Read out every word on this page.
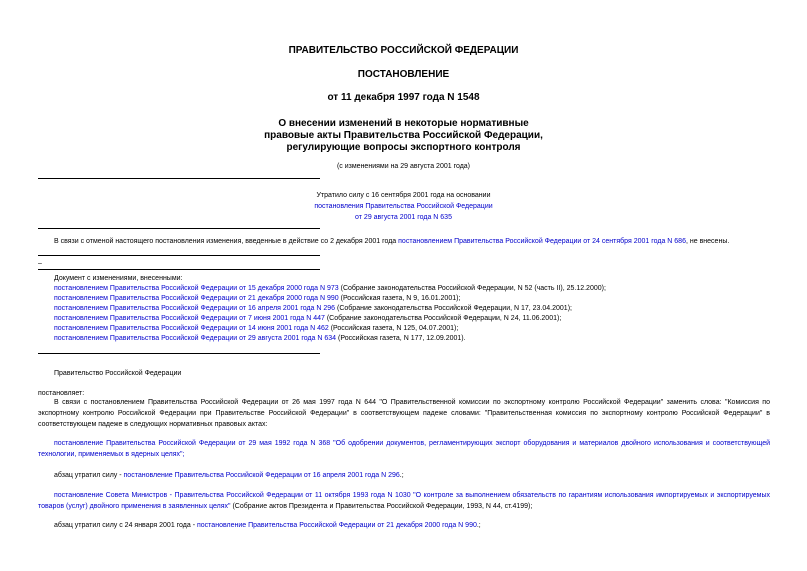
ПРАВИТЕЛЬСТВО РОССИЙСКОЙ ФЕДЕРАЦИИ
ПОСТАНОВЛЕНИЕ
от 11 декабря 1997 года N 1548
О внесении изменений в некоторые нормативные
правовые акты Правительства Российской Федерации,
регулирующие вопросы экспортного контроля
(с изменениями на 29 августа 2001 года)
Утратило силу с 16 сентября 2001 года на основании
постановления Правительства Российской Федерации
от 29 августа 2001 года N 635
В связи с отменой настоящего постановления изменения, введенные в действие со 2 декабря 2001 года постановлением Правительства Российской Федерации от 24 сентября 2001 года N 686, не внесены.
–
Документ с изменениями, внесенными:
постановлением Правительства Российской Федерации от 15 декабря 2000 года N 973 (Собрание законодательства Российской Федерации, N 52 (часть II), 25.12.2000);
постановлением Правительства Российской Федерации от 21 декабря 2000 года N 990 (Российская газета, N 9, 16.01.2001);
постановлением Правительства Российской Федерации от 16 апреля 2001 года N 296 (Собрание законодательства Российской Федерации, N 17, 23.04.2001);
постановлением Правительства Российской Федерации от 7 июня 2001 года N 447 (Собрание законодательства Российской Федерации, N 24, 11.06.2001);
постановлением Правительства Российской Федерации от 14 июня 2001 года N 462 (Российская газета, N 125, 04.07.2001);
постановлением Правительства Российской Федерации от 29 августа 2001 года N 634 (Российская газета, N 177, 12.09.2001).
Правительство Российской Федерации
постановляет:
В связи с постановлением Правительства Российской Федерации от 26 мая 1997 года N 644 "О Правительственной комиссии по экспортному контролю Российской Федерации" заменить слова: "Комиссия по экспортному контролю Российской Федерации при Правительстве Российской Федерации" в соответствующем падеже словами: "Правительственная комиссия по экспортному контролю Российской Федерации" в соответствующем падеже в следующих нормативных правовых актах:
постановление Правительства Российской Федерации от 29 мая 1992 года N 368 "Об одобрении документов, регламентирующих экспорт оборудования и материалов двойного использования и соответствующей технологии, применяемых в ядерных целях";
абзац утратил силу - постановление Правительства Российской Федерации от 16 апреля 2001 года N 296.;
постановление Совета Министров - Правительства Российской Федерации от 11 октября 1993 года N 1030 "О контроле за выполнением обязательств по гарантиям использования импортируемых и экспортируемых товаров (услуг) двойного применения в заявленных целях" (Собрание актов Президента и Правительства Российской Федерации, 1993, N 44, ст.4199);
абзац утратил силу с 24 января 2001 года - постановление Правительства Российской Федерации от 21 декабря 2000 года N 990.;
